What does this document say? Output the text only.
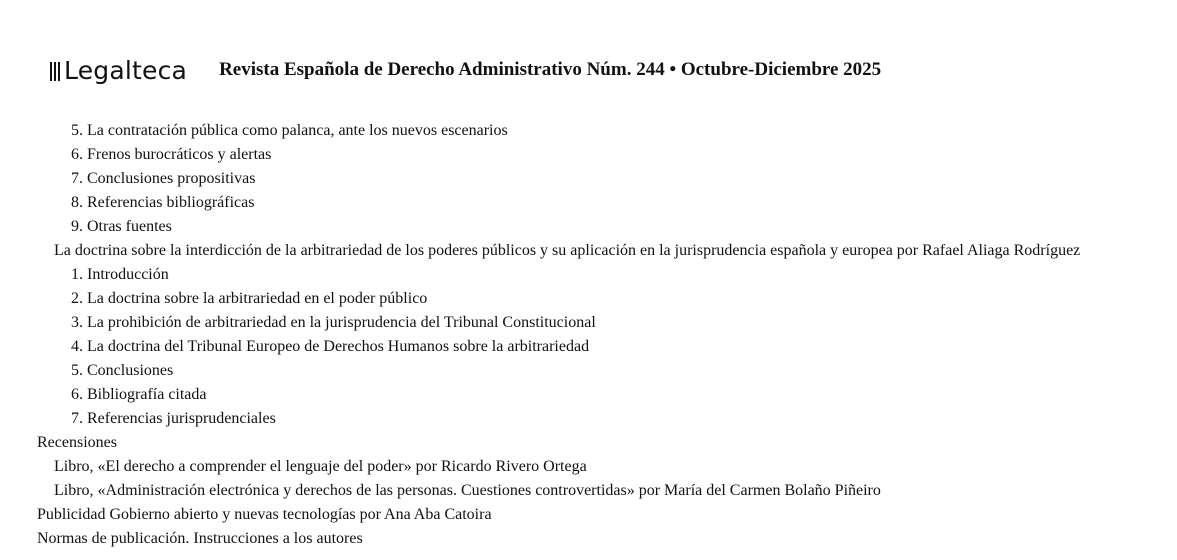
Legalteca Revista Española de Derecho Administrativo Núm. 244 • Octubre-Diciembre 2025
5. La contratación pública como palanca, ante los nuevos escenarios
6. Frenos burocráticos y alertas
7. Conclusiones propositivas
8. Referencias bibliográficas
9. Otras fuentes
La doctrina sobre la interdicción de la arbitrariedad de los poderes públicos y su aplicación en la jurisprudencia española y europea por Rafael Aliaga Rodríguez
1. Introducción
2. La doctrina sobre la arbitrariedad en el poder público
3. La prohibición de arbitrariedad en la jurisprudencia del Tribunal Constitucional
4. La doctrina del Tribunal Europeo de Derechos Humanos sobre la arbitrariedad
5. Conclusiones
6. Bibliografía citada
7. Referencias jurisprudenciales
Recensiones
Libro, «El derecho a comprender el lenguaje del poder» por Ricardo Rivero Ortega
Libro, «Administración electrónica y derechos de las personas. Cuestiones controvertidas» por María del Carmen Bolaño Piñeiro
Publicidad Gobierno abierto y nuevas tecnologías por Ana Aba Catoira
Normas de publicación. Instrucciones a los autores
